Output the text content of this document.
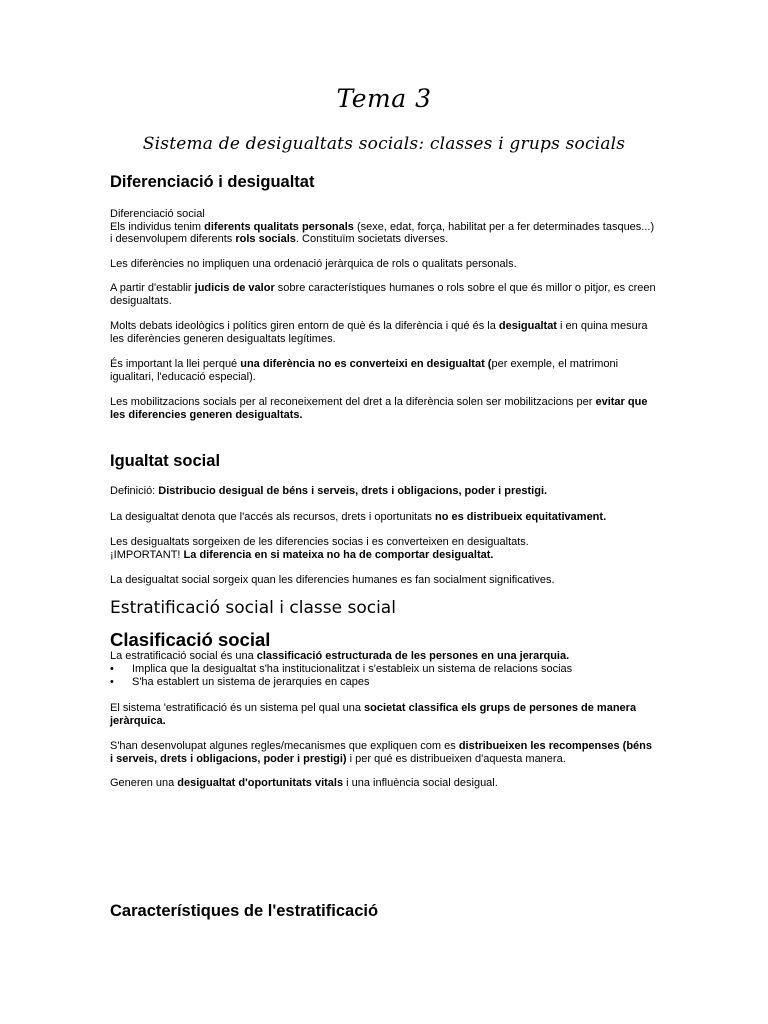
Tema 3
Sistema de desigualtats socials: classes i grups socials
Diferenciació i desigualtat
Diferenciació social
Els individus tenim diferents qualitats personals (sexe, edat, força, habilitat per a fer determinades tasques...) i desenvolupem diferents rols socials. Constituïm societats diverses.
Les diferències no impliquen una ordenació jeràrquica de rols o qualitats personals.
A partir d'establir judicis de valor sobre característiques humanes o rols sobre el que és millor o pitjor, es creen desigualtats.
Molts debats ideològics i polítics giren entorn de què és la diferència i qué és la desigualtat i en quina mesura les diferències generen desigualtats legítimes.
És important la llei perqué una diferència no es converteixi en desigualtat (per exemple, el matrimoni igualitari, l'educació especial).
Les mobilitzacions socials per al reconeixement del dret a la diferència solen ser mobilitzacions per evitar que les diferencies generen desigualtats.
Igualtat social
Definició: Distribucio desigual de béns i serveis, drets i obligacions, poder i prestigi.
La desigualtat denota que l'accés als recursos, drets i oportunitats no es distribueix equitativament.
Les desigualtats sorgeixen de les diferencies socias i es converteixen en desigualtats.
¡IMPORTANT! La diferencia en si mateixa no ha de comportar desigualtat.
La desigualtat social sorgeix quan les diferencies humanes es fan socialment significatives.
Estratificació social i classe social
Clasificació social
La estratificació social és una classificació estructurada de les persones en una jerarquia.
• Implica que la desigualtat s'ha institucionalitzat i s'estableix un sistema de relacions socias
• S'ha establert un sistema de jerarquies en capes
El sistema 'estratificació és un sistema pel qual una societat classifica els grups de persones de manera jeràrquica.
S'han desenvolupat algunes regles/mecanismes que expliquen com es distribueixen les recompenses (béns i serveis, drets i obligacions, poder i prestigi) i per qué es distribueixen d'aquesta manera.
Generen una desigualtat d'oportunitats vitals i una influència social desigual.
Característiques de l'estratificació
